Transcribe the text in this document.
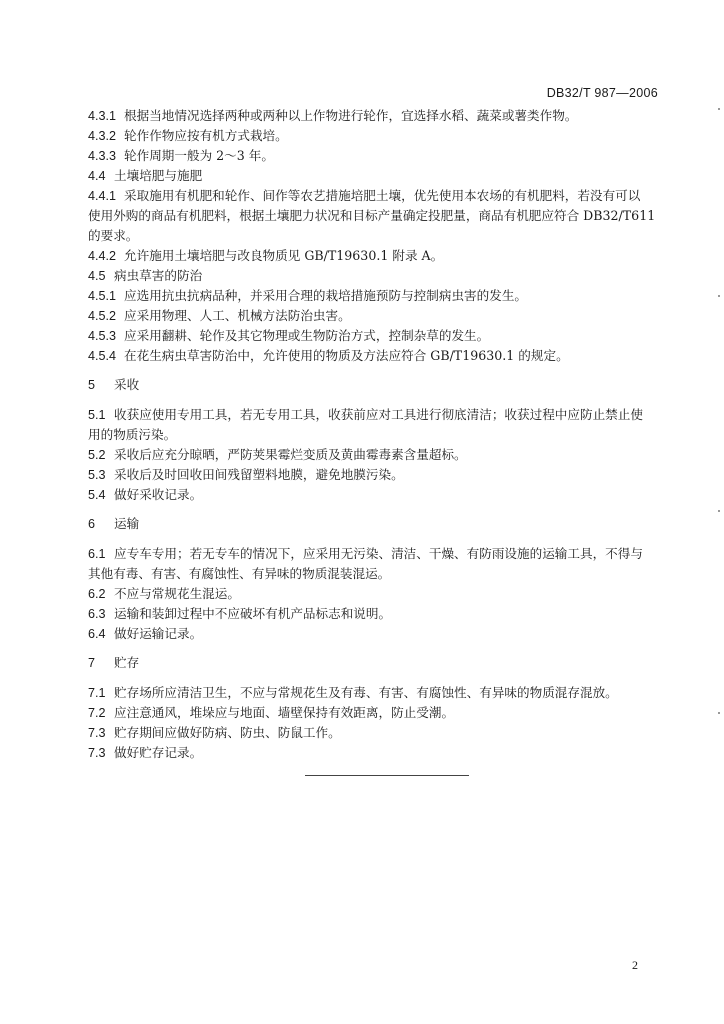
DB32/T 987—2006
4.3.1 根据当地情况选择两种或两种以上作物进行轮作，宜选择水稻、蔬菜或薯类作物。
4.3.2 轮作作物应按有机方式栽培。
4.3.3 轮作周期一般为 2～3 年。
4.4 土壤培肥与施肥
4.4.1 采取施用有机肥和轮作、间作等农艺措施培肥土壤，优先使用本农场的有机肥料，若没有可以
使用外购的商品有机肥料，根据土壤肥力状况和目标产量确定投肥量，商品有机肥应符合 DB32/T611
的要求。
4.4.2 允许施用土壤培肥与改良物质见 GB/T19630.1 附录 A。
4.5 病虫草害的防治
4.5.1 应选用抗虫抗病品种，并采用合理的栽培措施预防与控制病虫害的发生。
4.5.2 应采用物理、人工、机械方法防治虫害。
4.5.3 应采用翻耕、轮作及其它物理或生物防治方式，控制杂草的发生。
4.5.4 在花生病虫草害防治中，允许使用的物质及方法应符合 GB/T19630.1 的规定。
5 采收
5.1 收获应使用专用工具，若无专用工具，收获前应对工具进行彻底清洁；收获过程中应防止禁止使
用的物质污染。
5.2 采收后应充分晾晒，严防荚果霉烂变质及黄曲霉毒素含量超标。
5.3 采收后及时回收田间残留塑料地膜，避免地膜污染。
5.4 做好采收记录。
6 运输
6.1 应专车专用；若无专车的情况下，应采用无污染、清洁、干燥、有防雨设施的运输工具，不得与
其他有毒、有害、有腐蚀性、有异味的物质混装混运。
6.2 不应与常规花生混运。
6.3 运输和装卸过程中不应破坏有机产品标志和说明。
6.4 做好运输记录。
7 贮存
7.1 贮存场所应清洁卫生，不应与常规花生及有毒、有害、有腐蚀性、有异味的物质混存混放。
7.2 应注意通风，堆垛应与地面、墙壁保持有效距离，防止受潮。
7.3 贮存期间应做好防病、防虫、防鼠工作。
7.3 做好贮存记录。
2
